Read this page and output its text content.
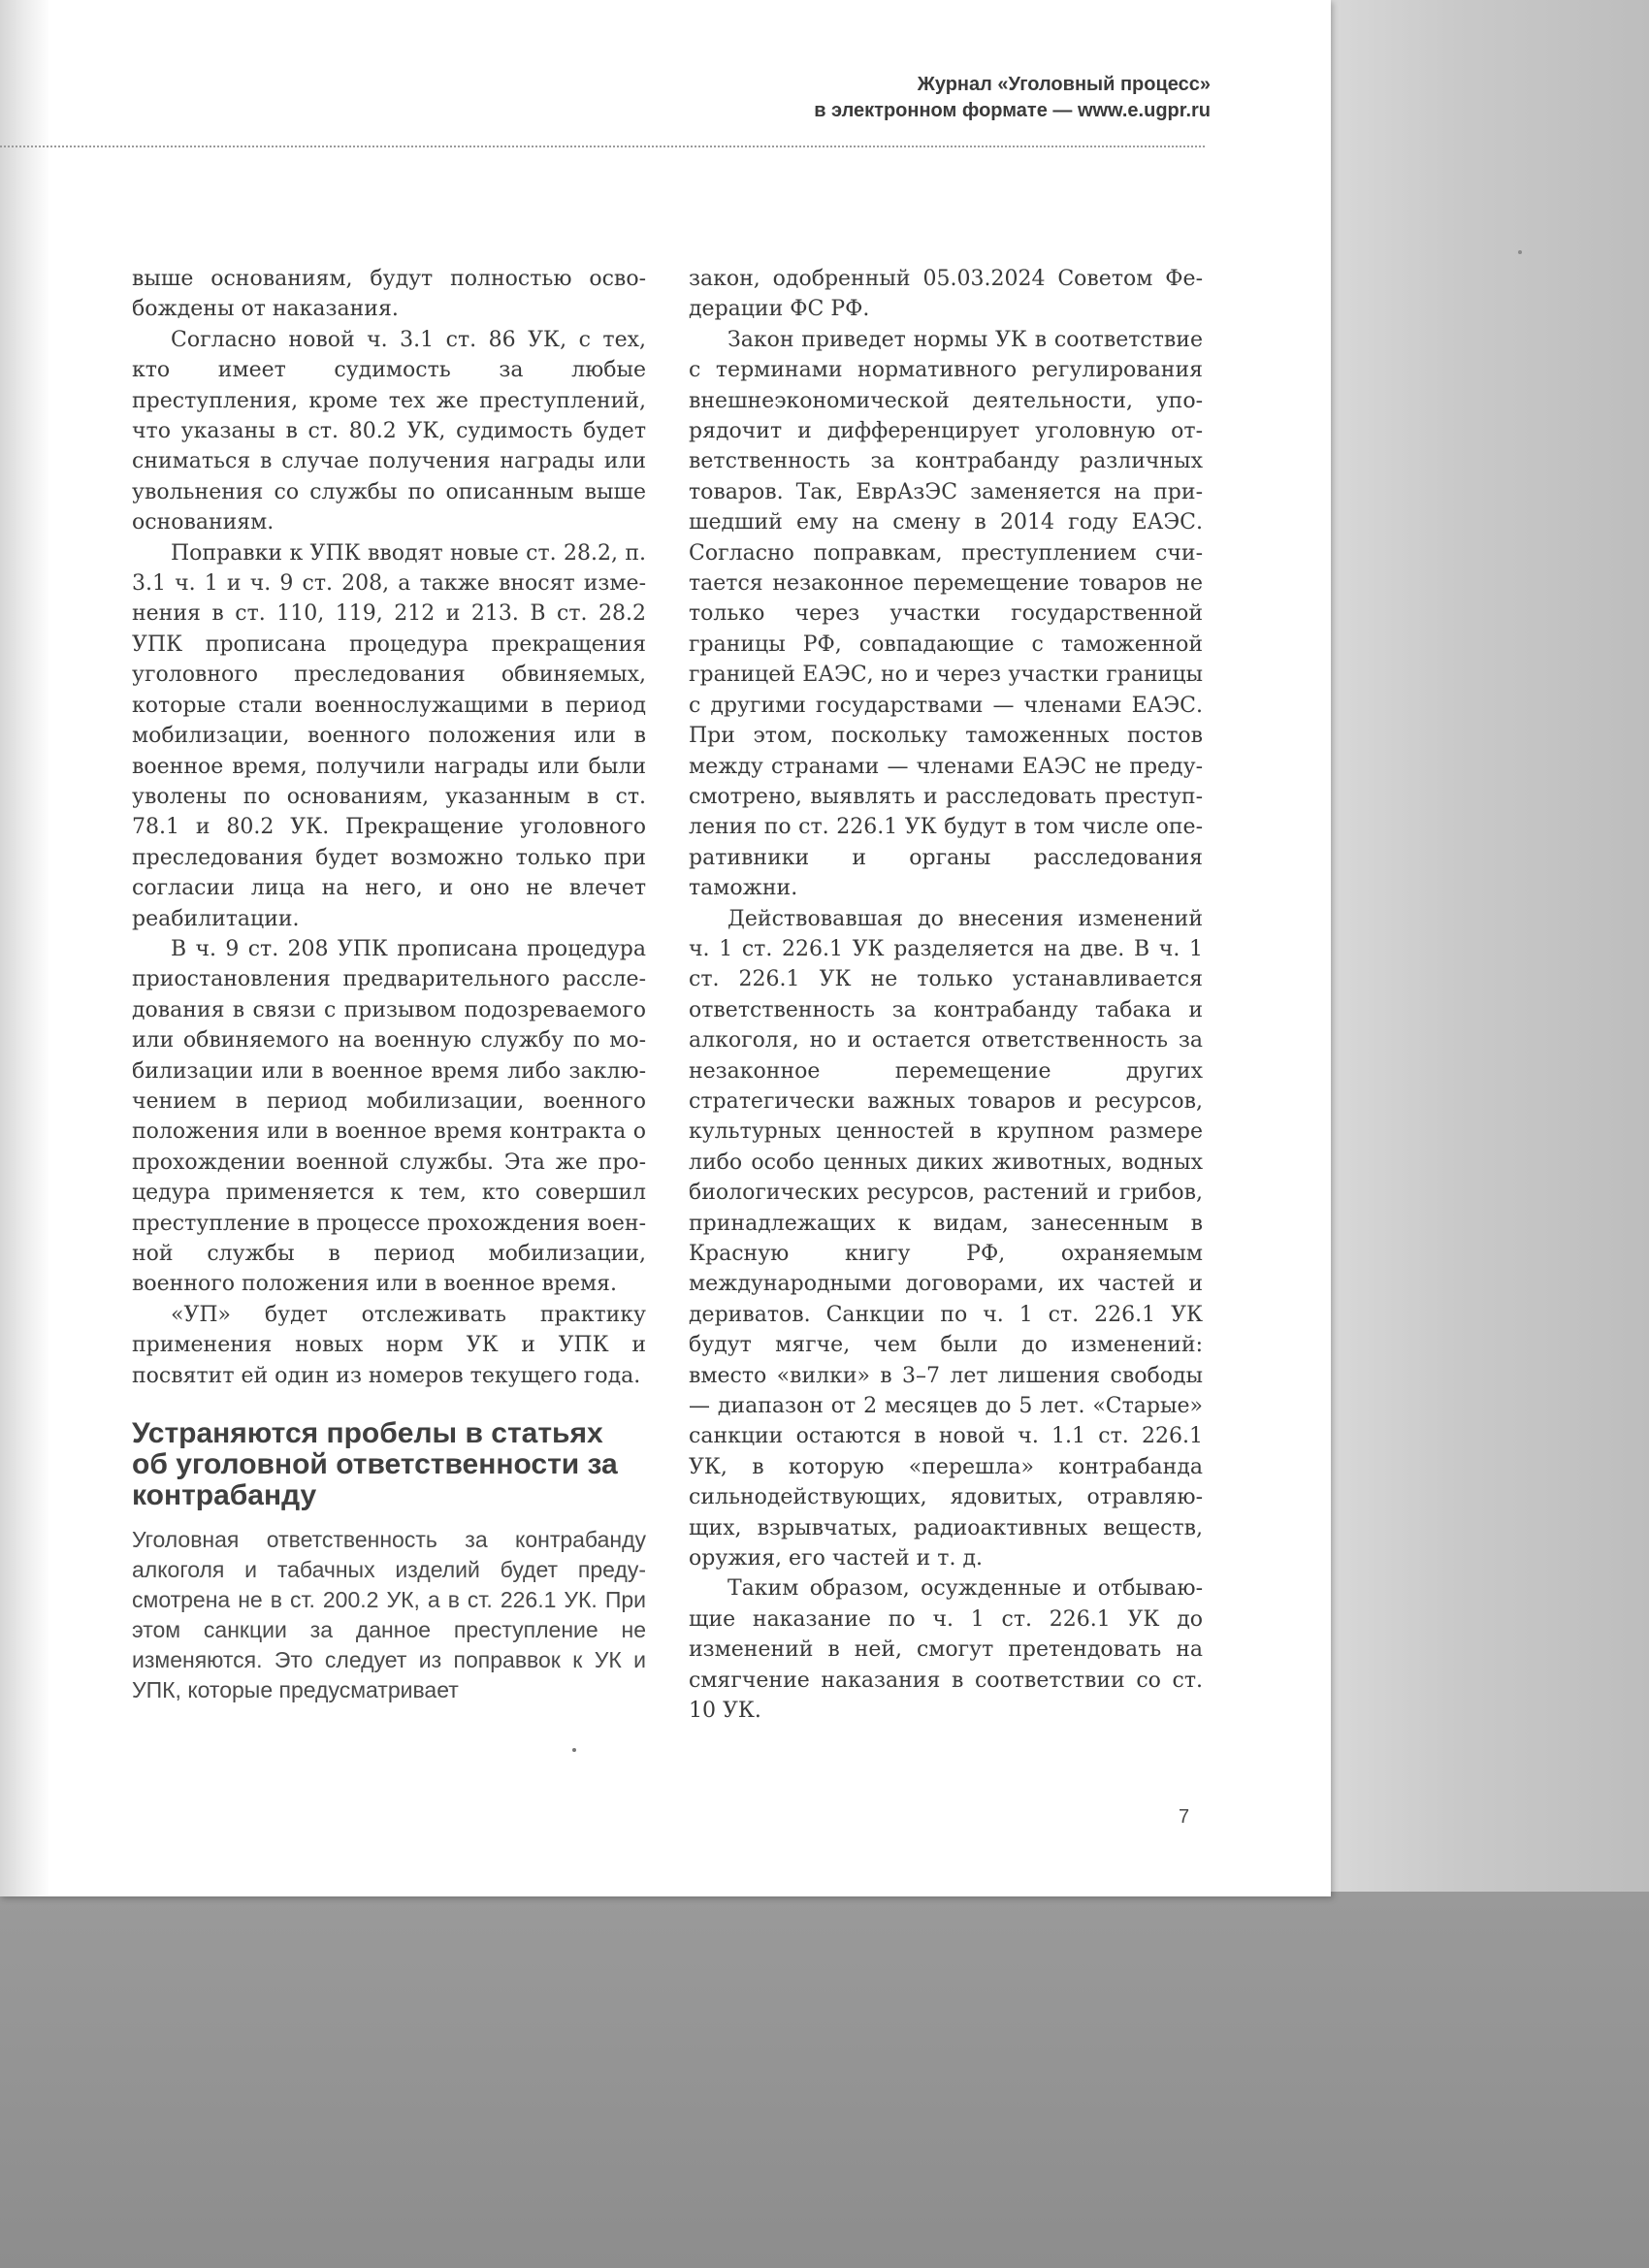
Журнал «Уголовный процесс»
в электронном формате — www.e.ugpr.ru

выше основаниям, будут полностью освобождены от наказания.

Согласно новой ч. 3.1 ст. 86 УК, с тех, кто имеет судимость за любые преступления, кроме тех же преступлений, что указаны в ст. 80.2 УК, судимость будет сниматься в случае получения награды или увольнения со службы по описанным выше основаниям.

Поправки к УПК вводят новые ст. 28.2, п. 3.1 ч. 1 и ч. 9 ст. 208, а также вносят изменения в ст. 110, 119, 212 и 213. В ст. 28.2 УПК прописана процедура прекращения уголовного преследования обвиняемых, которые стали военнослужащими в период мобилизации, военного положения или в военное время, получили награды или были уволены по основаниям, указанным в ст. 78.1 и 80.2 УК. Прекращение уголовного преследования будет возможно только при согласии лица на него, и оно не влечет реабилитации.

В ч. 9 ст. 208 УПК прописана процедура приостановления предварительного расследования в связи с призывом подозреваемого или обвиняемого на военную службу по мобилизации или в военное время либо заключением в период мобилизации, военного положения или в военное время контракта о прохождении военной службы. Эта же процедура применяется к тем, кто совершил преступление в процессе прохождения военной службы в период мобилизации, военного положения или в военное время.

«УП» будет отслеживать практику применения новых норм УК и УПК и посвятит ей один из номеров текущего года.

Устраняются пробелы в статьях об уголовной ответственности за контрабанду

Уголовная ответственность за контрабанду алкоголя и табачных изделий будет предусмотрена не в ст. 200.2 УК, а в ст. 226.1 УК. При этом санкции за данное преступление не изменяются. Это следует из поправвок к УК и УПК, которые предусматривает

закон, одобренный 05.03.2024 Советом Федерации ФС РФ.

Закон приведет нормы УК в соответствие с терминами нормативного регулирования внешнеэкономической деятельности, упорядочит и дифференцирует уголовную ответственность за контрабанду различных товаров. Так, ЕврАзЭС заменяется на пришедший ему на смену в 2014 году ЕАЭС. Согласно поправкам, преступлением считается незаконное перемещение товаров не только через участки государственной границы РФ, совпадающие с таможенной границей ЕАЭС, но и через участки границы с другими государствами — членами ЕАЭС. При этом, поскольку таможенных постов между странами — членами ЕАЭС не предусмотрено, выявлять и расследовать преступления по ст. 226.1 УК будут в том числе оперативники и органы расследования таможни.

Действовавшая до внесения изменений ч. 1 ст. 226.1 УК разделяется на две. В ч. 1 ст. 226.1 УК не только устанавливается ответственность за контрабанду табака и алкоголя, но и остается ответственность за незаконное перемещение других стратегически важных товаров и ресурсов, культурных ценностей в крупном размере либо особо ценных диких животных, водных биологических ресурсов, растений и грибов, принадлежащих к видам, занесенным в Красную книгу РФ, охраняемым международными договорами, их частей и дериватов. Санкции по ч. 1 ст. 226.1 УК будут мягче, чем были до изменений: вместо «вилки» в 3–7 лет лишения свободы — диапазон от 2 месяцев до 5 лет. «Старые» санкции остаются в новой ч. 1.1 ст. 226.1 УК, в которую «перешла» контрабанда сильнодействующих, ядовитых, отравляющих, взрывчатых, радиоактивных веществ, оружия, его частей и т. д.

Таким образом, осужденные и отбывающие наказание по ч. 1 ст. 226.1 УК до изменений в ней, смогут претендовать на смягчение наказания в соответствии со ст. 10 УК.

7
